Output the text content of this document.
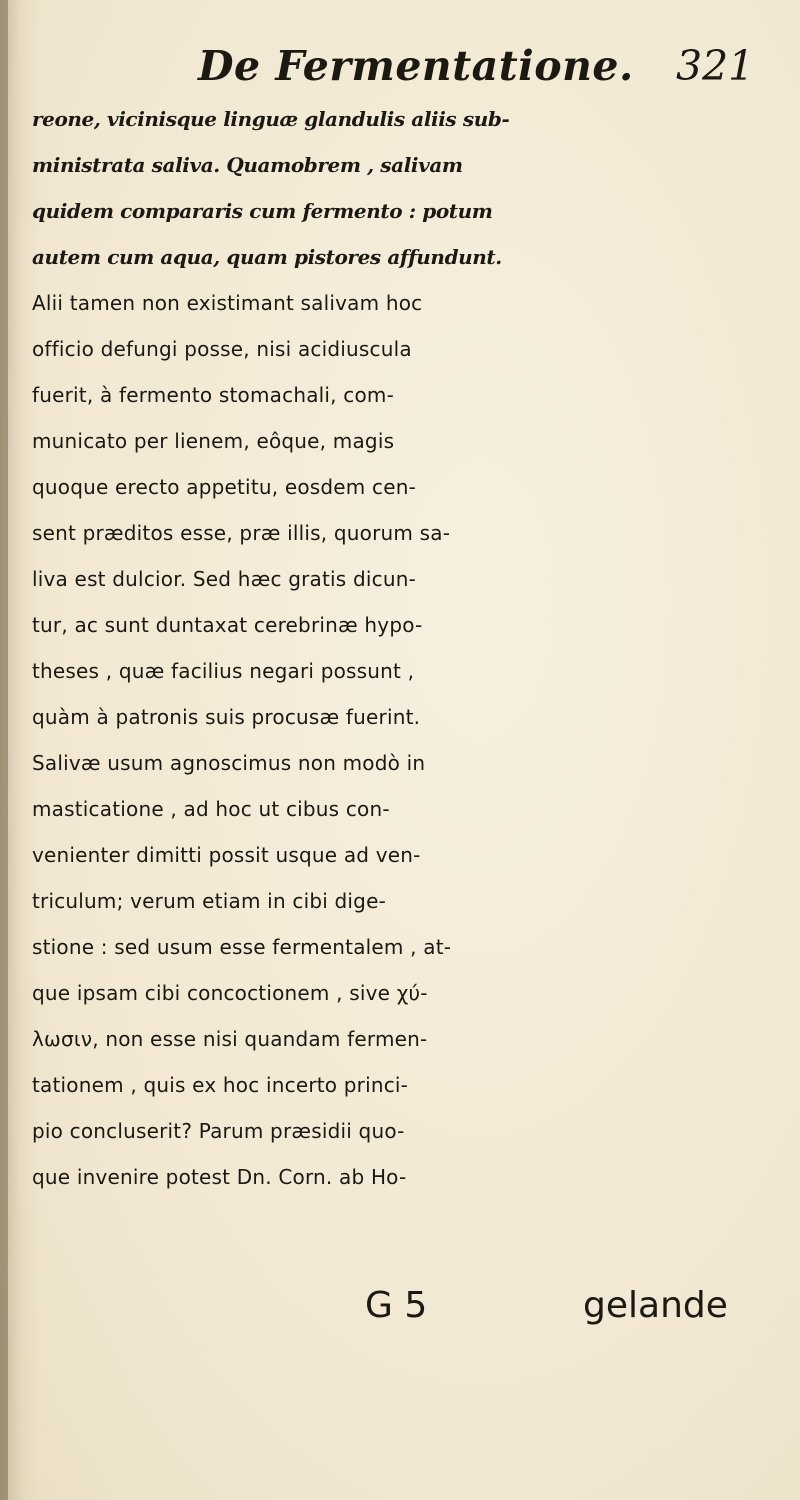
De Fermentatione. 321
reone, vicinisque linguæ glandulis aliis sub-
ministrata saliva. Quamobrem , salivam
quidem compararis cum fermento : potum
autem cum aqua, quam pistores affundunt.
Alii tamen non existimant salivam hoc
officio defungi posse, nisi acidiuscula
fuerit, à fermento stomachali, com-
municato per lienem, eôque, magis
quoque erecto appetitu, eosdem cen-
sent præditos esse, præ illis, quorum sa-
liva est dulcior. Sed hæc gratis dicun-
tur, ac sunt duntaxat cerebrinæ hypo-
theses , quæ facilius negari possunt ,
quàm à patronis suis procusæ fuerint.
Salivæ usum agnoscimus non modò in
masticatione , ad hoc ut cibus con-
venienter dimitti possit usque ad ven-
triculum; verum etiam in cibi dige-
stione : sed usum esse fermentalem , at-
que ipsam cibi concoctionem , sive χύ-
λωσιν, non esse nisi quandam fermen-
tationem , quis ex hoc incerto princi-
pio concluserit? Parum præsidii quo-
que invenire potest Dn. Corn. ab Ho-
G 5	gelande
